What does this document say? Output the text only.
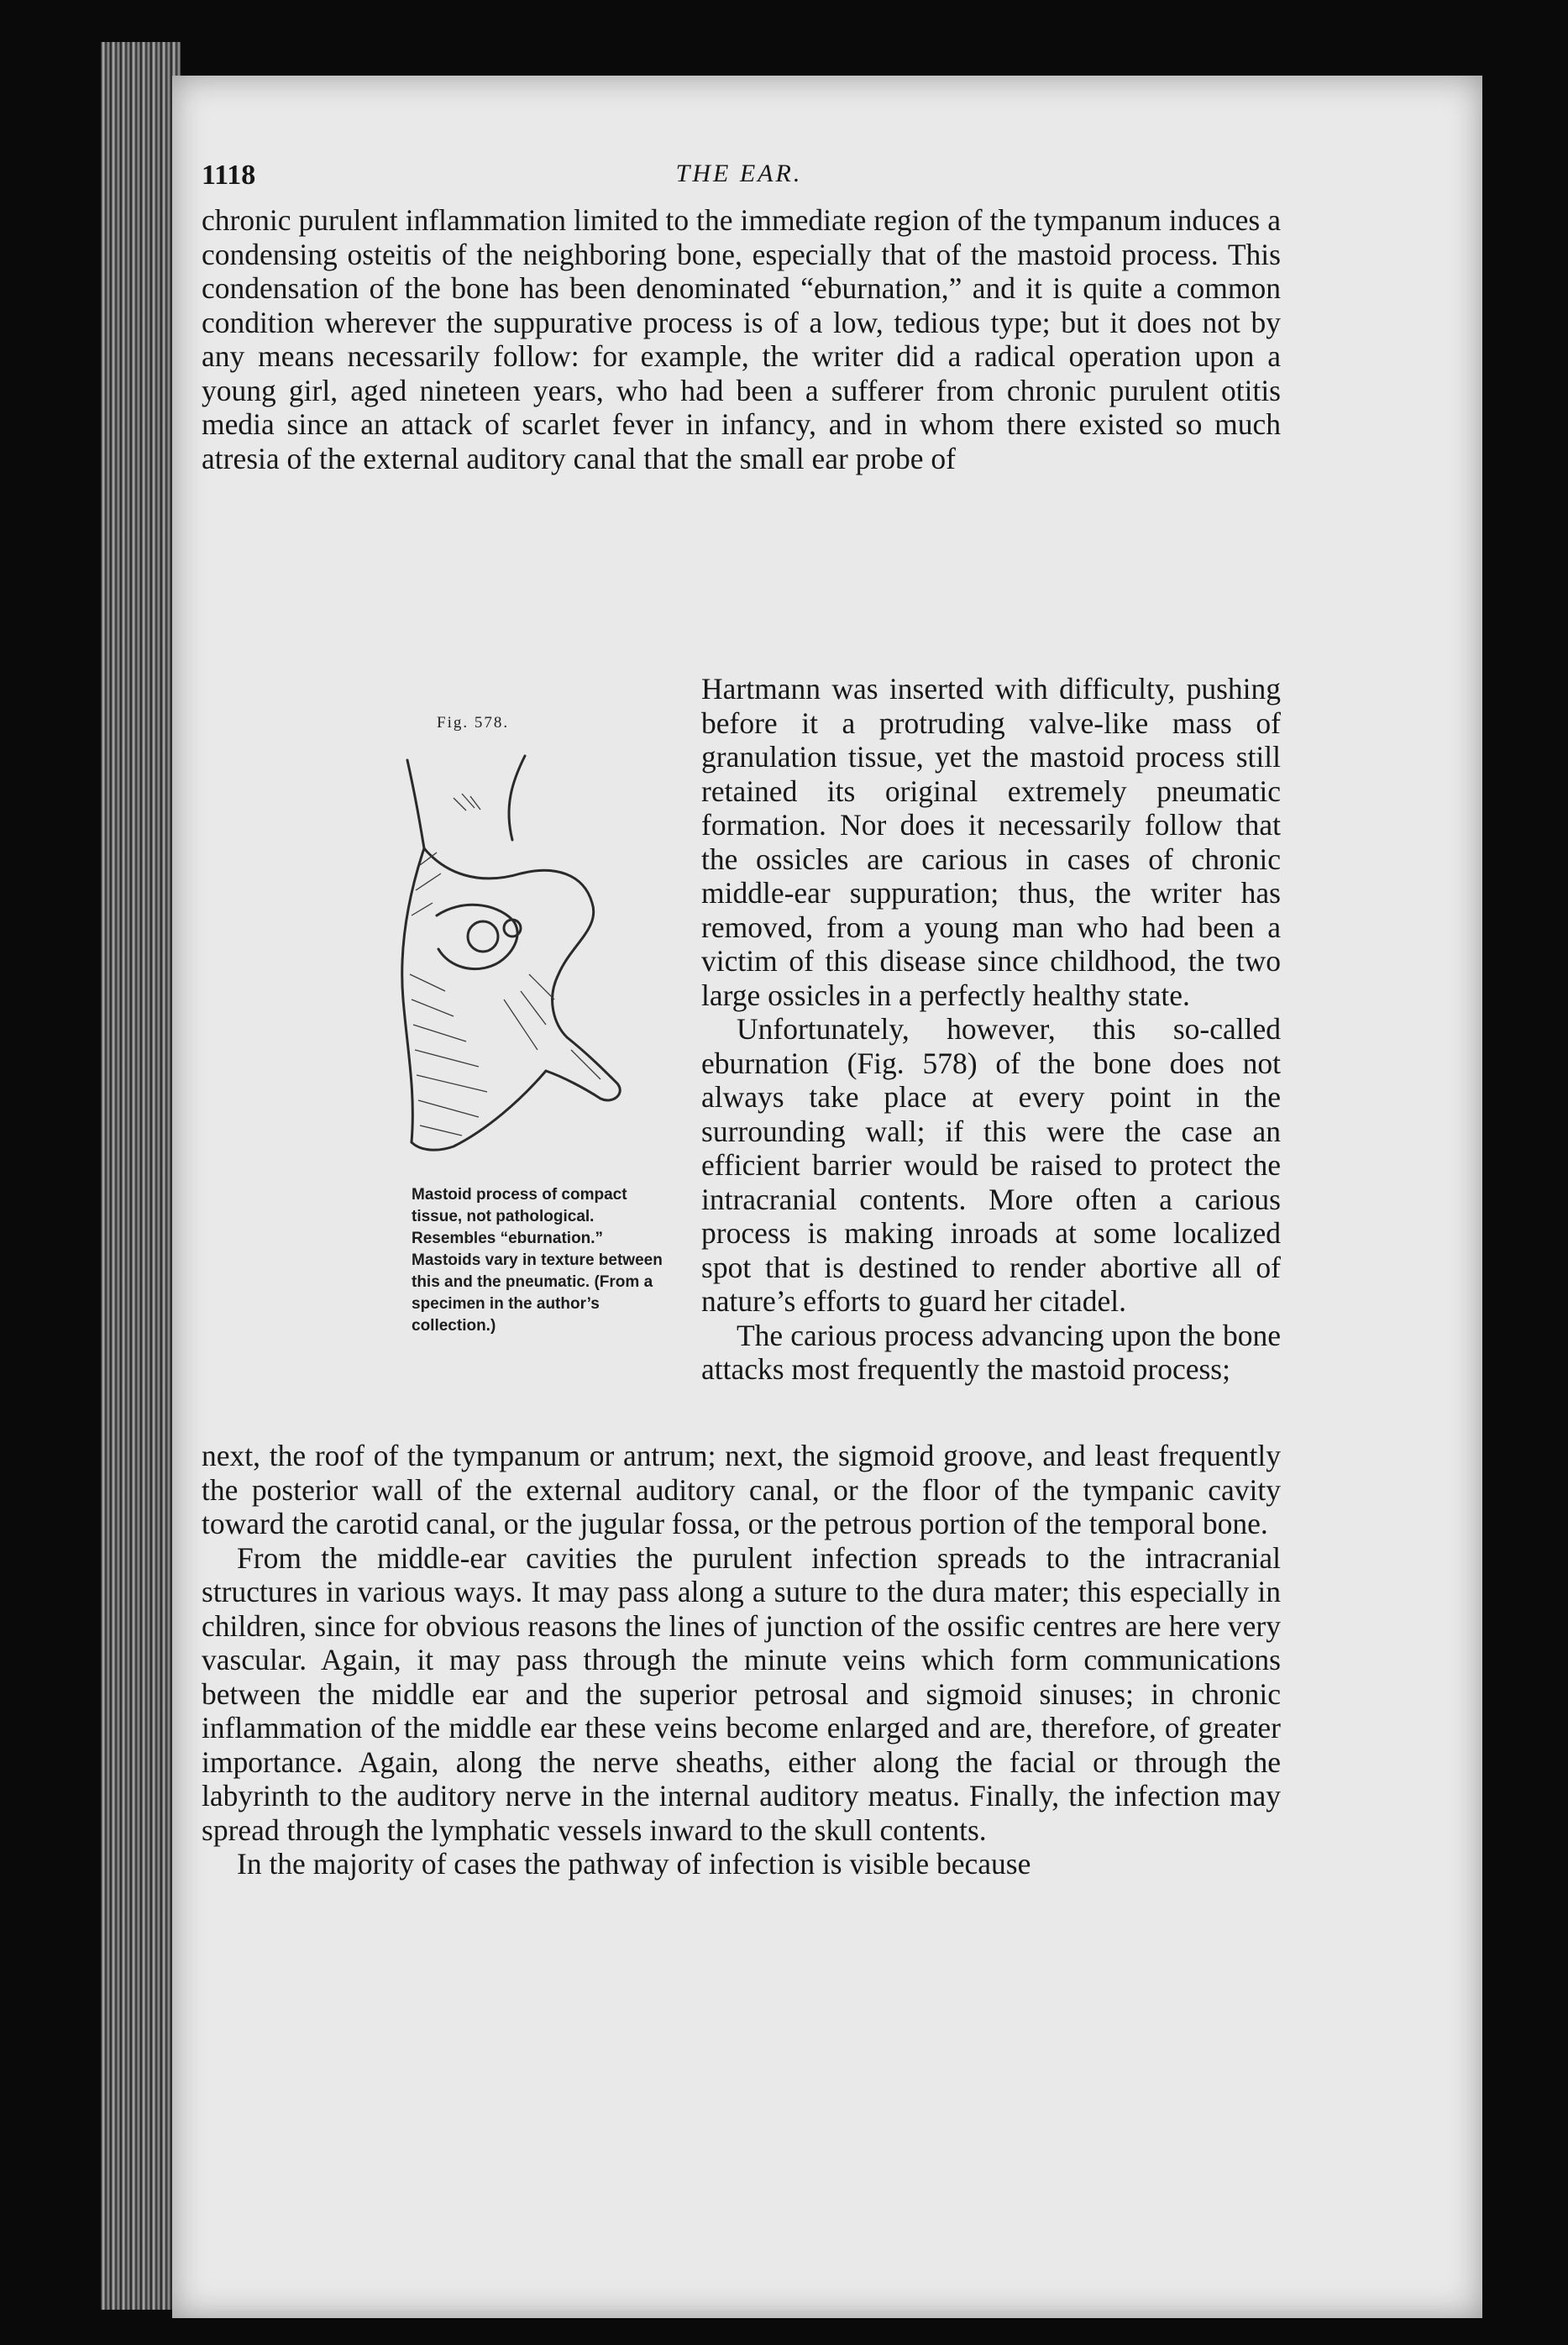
1118	THE EAR.

chronic purulent inflammation limited to the immediate region of the tympanum induces a condensing osteitis of the neighboring bone, especially that of the mastoid process. This condensation of the bone has been denominated “eburnation,” and it is quite a common condition wherever the suppurative process is of a low, tedious type; but it does not by any means necessarily follow: for example, the writer did a radical operation upon a young girl, aged nineteen years, who had been a sufferer from chronic purulent otitis media since an attack of scarlet fever in infancy, and in whom there existed so much atresia of the external auditory canal that the small ear probe of

Fig. 578.

Mastoid process of compact tissue, not pathological. Resembles “eburnation.” Mastoids vary in texture between this and the pneumatic. (From a specimen in the author’s collection.)

Hartmann was inserted with difficulty, pushing before it a protruding valve-like mass of granulation tissue, yet the mastoid process still retained its original extremely pneumatic formation. Nor does it necessarily follow that the ossicles are carious in cases of chronic middle-ear suppuration; thus, the writer has removed, from a young man who had been a victim of this disease since childhood, the two large ossicles in a perfectly healthy state.

Unfortunately, however, this so-called eburnation (Fig. 578) of the bone does not always take place at every point in the surrounding wall; if this were the case an efficient barrier would be raised to protect the intracranial contents. More often a carious process is making inroads at some localized spot that is destined to render abortive all of nature’s efforts to guard her citadel.

The carious process advancing upon the bone attacks most frequently the mastoid process;

next, the roof of the tympanum or antrum; next, the sigmoid groove, and least frequently the posterior wall of the external auditory canal, or the floor of the tympanic cavity toward the carotid canal, or the jugular fossa, or the petrous portion of the temporal bone.

From the middle-ear cavities the purulent infection spreads to the intracranial structures in various ways. It may pass along a suture to the dura mater; this especially in children, since for obvious reasons the lines of junction of the ossific centres are here very vascular. Again, it may pass through the minute veins which form communications between the middle ear and the superior petrosal and sigmoid sinuses; in chronic inflammation of the middle ear these veins become enlarged and are, therefore, of greater importance. Again, along the nerve sheaths, either along the facial or through the labyrinth to the auditory nerve in the internal auditory meatus. Finally, the infection may spread through the lymphatic vessels inward to the skull contents.

In the majority of cases the pathway of infection is visible because
